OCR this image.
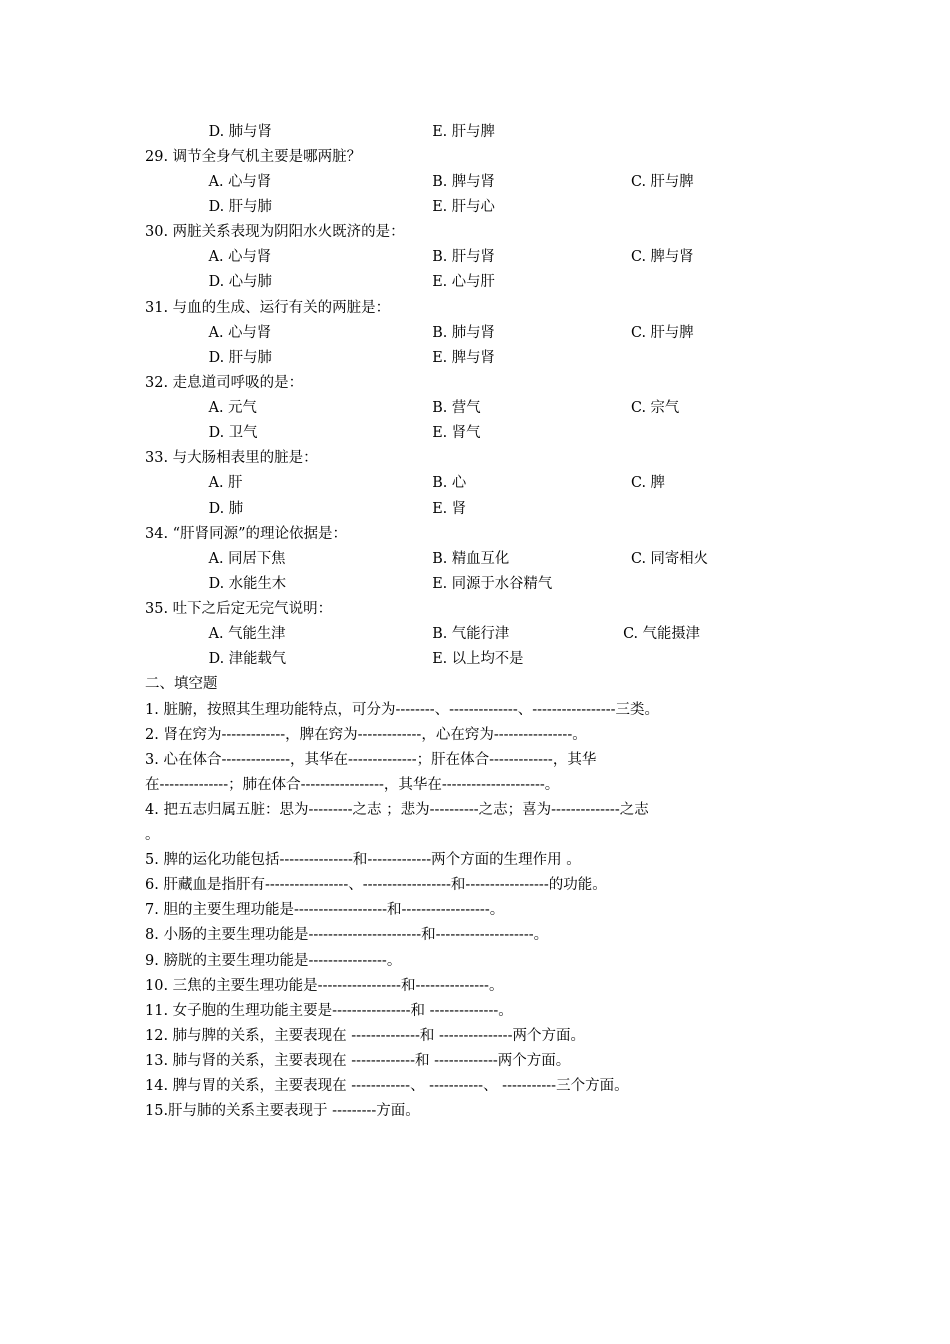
D. 肺与肾	E. 肝与脾
29. 调节全身气机主要是哪两脏？
A. 心与肾	B. 脾与肾	C. 肝与脾
D. 肝与肺	E. 肝与心
30. 两脏关系表现为阴阳水火既济的是：
A. 心与肾	B. 肝与肾	C. 脾与肾
D. 心与肺	E. 心与肝
31. 与血的生成、运行有关的两脏是：
A. 心与肾	B. 肺与肾	C. 肝与脾
D. 肝与肺	E. 脾与肾
32. 走息道司呼吸的是：
A. 元气	B. 营气	C. 宗气
D. 卫气	E. 肾气
33. 与大肠相表里的脏是：
A. 肝	B. 心	C. 脾
D. 肺	E. 肾
34. “肝肾同源”的理论依据是：
A. 同居下焦	B. 精血互化	C. 同寄相火
D. 水能生木	E. 同源于水谷精气
35. 吐下之后定无完气说明：
A. 气能生津	B. 气能行津	C. 气能摄津
D. 津能载气	E. 以上均不是
二、填空题
1. 脏腑，按照其生理功能特点，可分为--------、--------------、-----------------三类。
2. 肾在窍为-------------，脾在窍为-------------，心在窍为----------------。
3. 心在体合--------------，其华在--------------；肝在体合-------------，其华
在--------------；肺在体合-----------------，其华在---------------------。
4. 把五志归属五脏：思为---------之志 ；悲为----------之志；喜为--------------之志
。
5. 脾的运化功能包括---------------和-------------两个方面的生理作用 。
6. 肝藏血是指肝有-----------------、------------------和-----------------的功能。
7. 胆的主要生理功能是-------------------和------------------。
8. 小肠的主要生理功能是-----------------------和--------------------。
9. 膀胱的主要生理功能是----------------。
10. 三焦的主要生理功能是-----------------和---------------。
11. 女子胞的生理功能主要是----------------和 --------------。
12. 肺与脾的关系，主要表现在 --------------和 ---------------两个方面。
13. 肺与肾的关系，主要表现在 -------------和 -------------两个方面。
14. 脾与胃的关系，主要表现在 ------------、 -----------、 -----------三个方面。
15.肝与肺的关系主要表现于 ---------方面。
